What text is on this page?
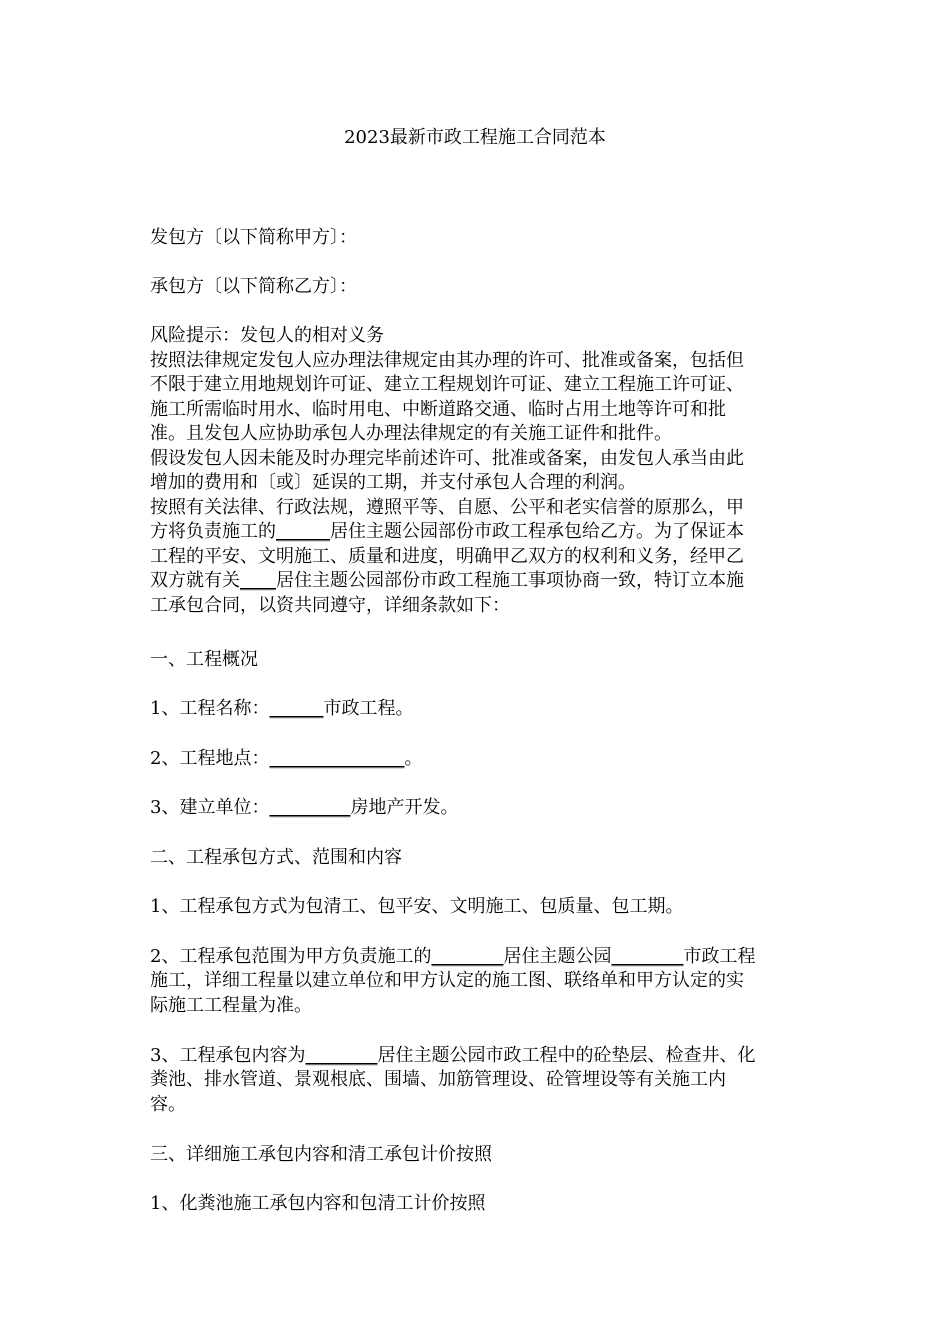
2023最新市政工程施工合同范本
发包方〔以下简称甲方〕：
承包方〔以下简称乙方〕：
风险提示：发包人的相对义务
按照法律规定发包人应办理法律规定由其办理的许可、批准或备案，包括但
不限于建立用地规划许可证、建立工程规划许可证、建立工程施工许可证、
施工所需临时用水、临时用电、中断道路交通、临时占用土地等许可和批
准。且发包人应协助承包人办理法律规定的有关施工证件和批件。
假设发包人因未能及时办理完毕前述许可、批准或备案，由发包人承当由此
增加的费用和〔或〕延误的工期，并支付承包人合理的利润。
按照有关法律、行政法规，遵照平等、自愿、公平和老实信誉的原那么，甲
方将负责施工的______居住主题公园部份市政工程承包给乙方。为了保证本
工程的平安、文明施工、质量和进度，明确甲乙双方的权利和义务，经甲乙
双方就有关____居住主题公园部份市政工程施工事项协商一致，特订立本施
工承包合同，以资共同遵守，详细条款如下：
一、工程概况
1、工程名称：______市政工程。
2、工程地点：_______________。
3、建立单位：_________房地产开发。
二、工程承包方式、范围和内容
1、工程承包方式为包清工、包平安、文明施工、包质量、包工期。
2、工程承包范围为甲方负责施工的________居住主题公园________市政工程
施工，详细工程量以建立单位和甲方认定的施工图、联络单和甲方认定的实
际施工工程量为准。
3、工程承包内容为________居住主题公园市政工程中的砼垫层、检查井、化
粪池、排水管道、景观根底、围墙、加筋管理设、砼管埋设等有关施工内
容。
三、详细施工承包内容和清工承包计价按照
1、化粪池施工承包内容和包清工计价按照
